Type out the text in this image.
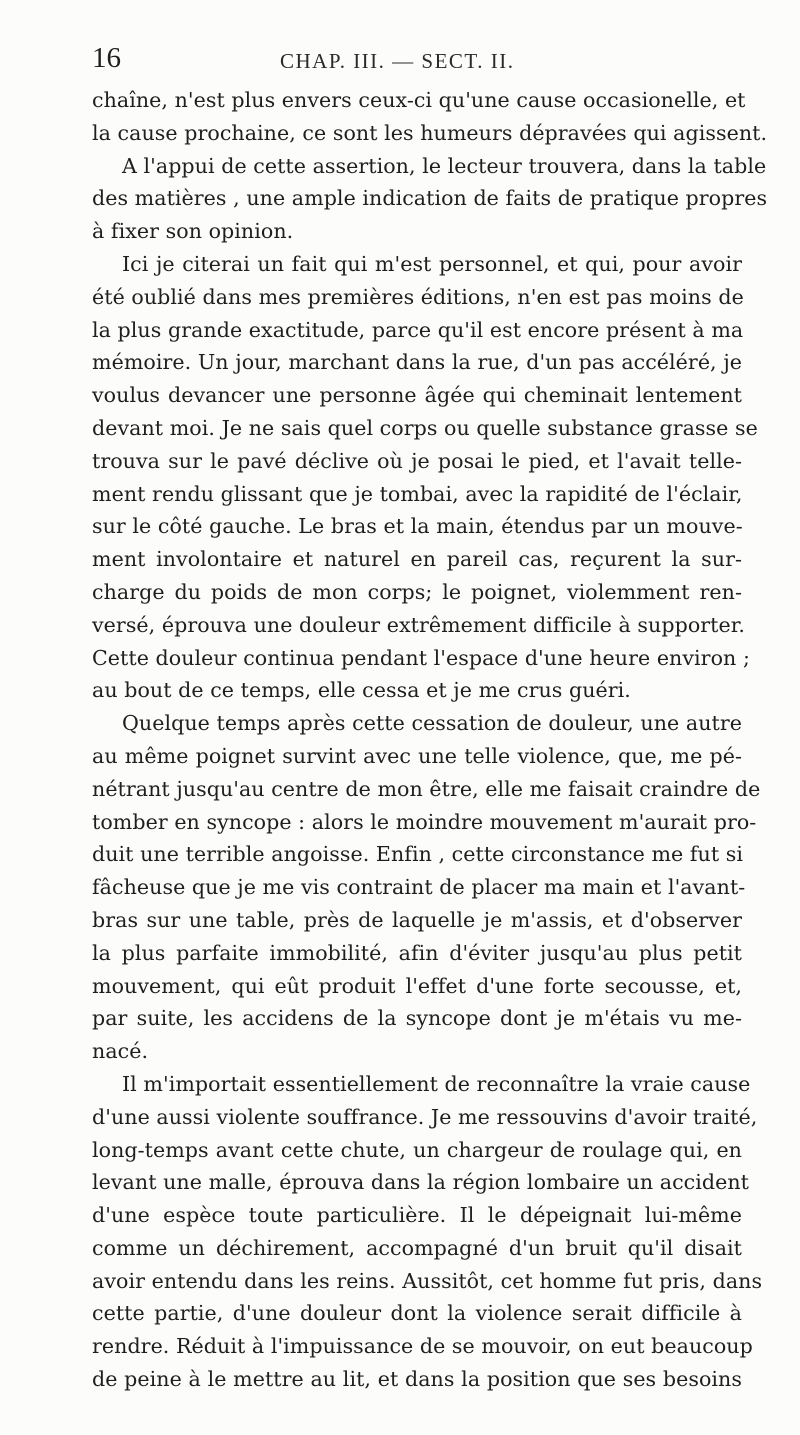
16	CHAP. III. — SECT. II.
chaîne, n'est plus envers ceux-ci qu'une cause occasionelle, et
la cause prochaine, ce sont les humeurs dépravées qui agissent.
A l'appui de cette assertion, le lecteur trouvera, dans la table
des matières , une ample indication de faits de pratique propres
à fixer son opinion.
Ici je citerai un fait qui m'est personnel, et qui, pour avoir
été oublié dans mes premières éditions, n'en est pas moins de
la plus grande exactitude, parce qu'il est encore présent à ma
mémoire. Un jour, marchant dans la rue, d'un pas accéléré, je
voulus devancer une personne âgée qui cheminait lentement
devant moi. Je ne sais quel corps ou quelle substance grasse se
trouva sur le pavé déclive où je posai le pied, et l'avait telle-
ment rendu glissant que je tombai, avec la rapidité de l'éclair,
sur le côté gauche. Le bras et la main, étendus par un mouve-
ment involontaire et naturel en pareil cas, reçurent la sur-
charge du poids de mon corps; le poignet, violemment ren-
versé, éprouva une douleur extrêmement difficile à supporter.
Cette douleur continua pendant l'espace d'une heure environ ;
au bout de ce temps, elle cessa et je me crus guéri.
Quelque temps après cette cessation de douleur, une autre
au même poignet survint avec une telle violence, que, me pé-
nétrant jusqu'au centre de mon être, elle me faisait craindre de
tomber en syncope : alors le moindre mouvement m'aurait pro-
duit une terrible angoisse. Enfin , cette circonstance me fut si
fâcheuse que je me vis contraint de placer ma main et l'avant-
bras sur une table, près de laquelle je m'assis, et d'observer
la plus parfaite immobilité, afin d'éviter jusqu'au plus petit
mouvement, qui eût produit l'effet d'une forte secousse, et,
par suite, les accidens de la syncope dont je m'étais vu me-
nacé.
Il m'importait essentiellement de reconnaître la vraie cause
d'une aussi violente souffrance. Je me ressouvins d'avoir traité,
long-temps avant cette chute, un chargeur de roulage qui, en
levant une malle, éprouva dans la région lombaire un accident
d'une espèce toute particulière. Il le dépeignait lui-même
comme un déchirement, accompagné d'un bruit qu'il disait
avoir entendu dans les reins. Aussitôt, cet homme fut pris, dans
cette partie, d'une douleur dont la violence serait difficile à
rendre. Réduit à l'impuissance de se mouvoir, on eut beaucoup
de peine à le mettre au lit, et dans la position que ses besoins
